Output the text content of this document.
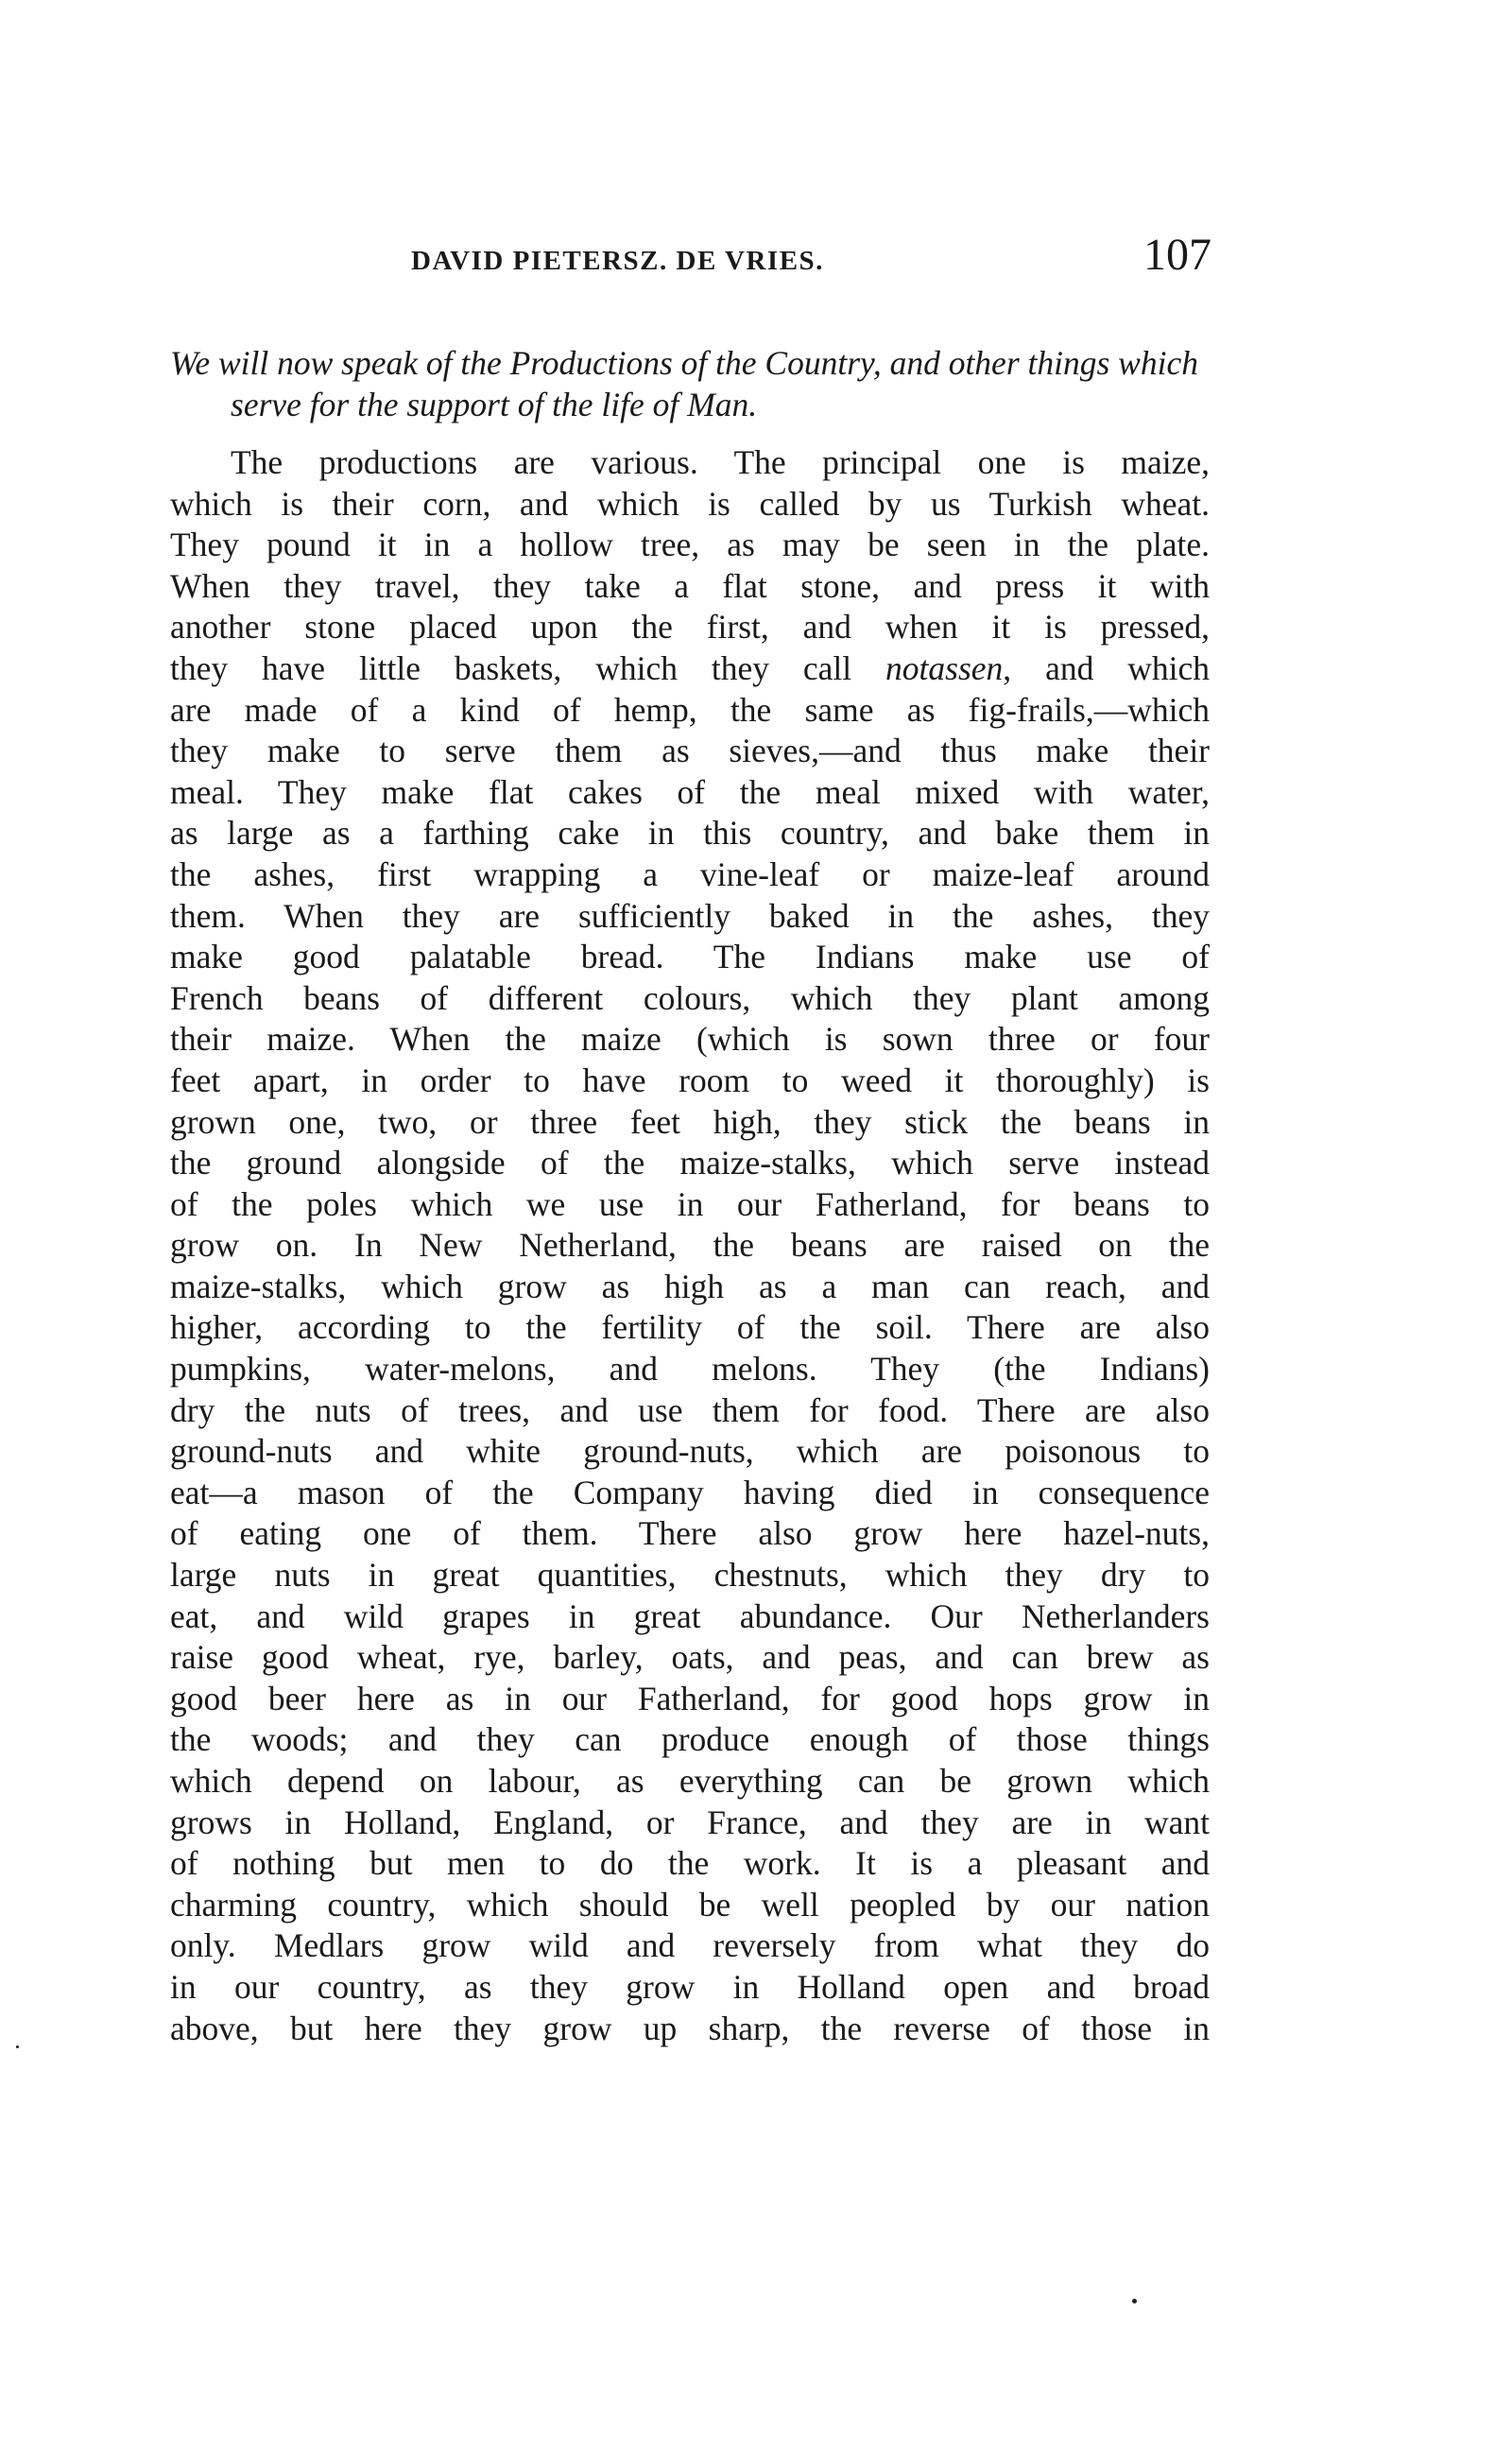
DAVID PIETERSZ. DE VRIES.	107

We will now speak of the Productions of the Country, and other things which serve for the support of the life of Man.

The productions are various. The principal one is maize,
which is their corn, and which is called by us Turkish wheat.
They pound it in a hollow tree, as may be seen in the plate.
When they travel, they take a flat stone, and press it with
another stone placed upon the first, and when it is pressed,
they have little baskets, which they call notassen, and which
are made of a kind of hemp, the same as fig-frails,—which
they make to serve them as sieves,—and thus make their
meal. They make flat cakes of the meal mixed with water,
as large as a farthing cake in this country, and bake them in
the ashes, first wrapping a vine-leaf or maize-leaf around
them. When they are sufficiently baked in the ashes, they
make good palatable bread. The Indians make use of
French beans of different colours, which they plant among
their maize. When the maize (which is sown three or four
feet apart, in order to have room to weed it thoroughly) is
grown one, two, or three feet high, they stick the beans in
the ground alongside of the maize-stalks, which serve instead
of the poles which we use in our Fatherland, for beans to
grow on. In New Netherland, the beans are raised on the
maize-stalks, which grow as high as a man can reach, and
higher, according to the fertility of the soil. There are also
pumpkins, water-melons, and melons. They (the Indians)
dry the nuts of trees, and use them for food. There are also
ground-nuts and white ground-nuts, which are poisonous to
eat—a mason of the Company having died in consequence
of eating one of them. There also grow here hazel-nuts,
large nuts in great quantities, chestnuts, which they dry to
eat, and wild grapes in great abundance. Our Netherlanders
raise good wheat, rye, barley, oats, and peas, and can brew as
good beer here as in our Fatherland, for good hops grow in
the woods; and they can produce enough of those things
which depend on labour, as everything can be grown which
grows in Holland, England, or France, and they are in want
of nothing but men to do the work. It is a pleasant and
charming country, which should be well peopled by our nation
only. Medlars grow wild and reversely from what they do
in our country, as they grow in Holland open and broad
above, but here they grow up sharp, the reverse of those in
